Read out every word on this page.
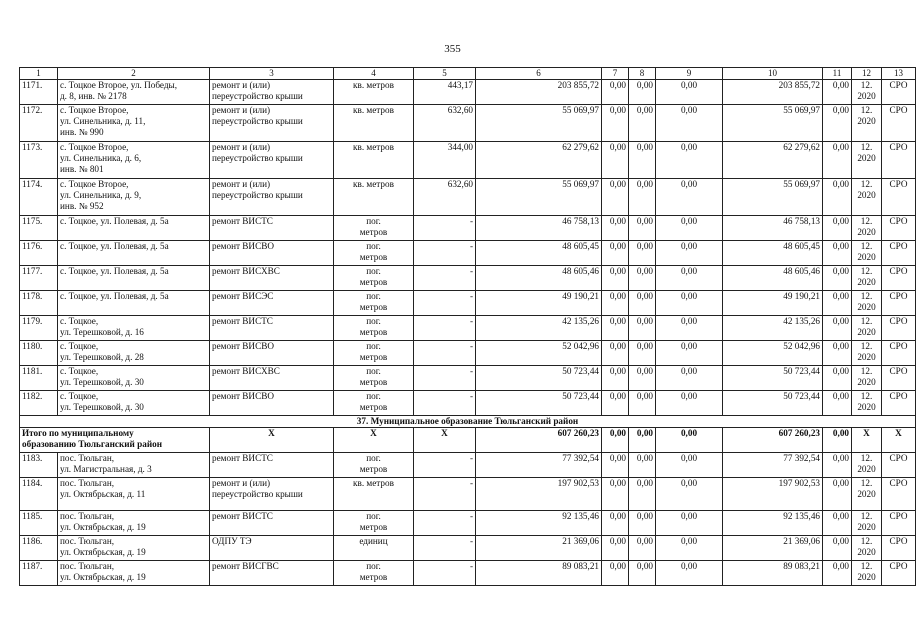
355
1	2	3	4	5	6	7	8	9	10	11	12	13
1171.	с. Тоцкое Второе, ул. Победы,
д. 8, инв. № 2178	ремонт и (или)
переустройство крыши	кв. метров	443,17	203 855,72	0,00	0,00	0,00	203 855,72	0,00	12.
2020	СРО
1172.	с. Тоцкое Второе,
ул. Синельника, д. 11,
инв. № 990	ремонт и (или)
переустройство крыши	кв. метров	632,60	55 069,97	0,00	0,00	0,00	55 069,97	0,00	12.
2020	СРО
1173.	с. Тоцкое Второе,
ул. Синельника, д. 6,
инв. № 801	ремонт и (или)
переустройство крыши	кв. метров	344,00	62 279,62	0,00	0,00	0,00	62 279,62	0,00	12.
2020	СРО
1174.	с. Тоцкое Второе,
ул. Синельника, д. 9,
инв. № 952	ремонт и (или)
переустройство крыши	кв. метров	632,60	55 069,97	0,00	0,00	0,00	55 069,97	0,00	12.
2020	СРО
1175.	с. Тоцкое, ул. Полевая, д. 5а	ремонт ВИСТС	пог.
метров	-	46 758,13	0,00	0,00	0,00	46 758,13	0,00	12.
2020	СРО
1176.	с. Тоцкое, ул. Полевая, д. 5а	ремонт ВИСВО	пог.
метров	-	48 605,45	0,00	0,00	0,00	48 605,45	0,00	12.
2020	СРО
1177.	с. Тоцкое, ул. Полевая, д. 5а	ремонт ВИСХВС	пог.
метров	-	48 605,46	0,00	0,00	0,00	48 605,46	0,00	12.
2020	СРО
1178.	с. Тоцкое, ул. Полевая, д. 5а	ремонт ВИСЭС	пог.
метров	-	49 190,21	0,00	0,00	0,00	49 190,21	0,00	12.
2020	СРО
1179.	с. Тоцкое,
ул. Терешковой, д. 16	ремонт ВИСТС	пог.
метров	-	42 135,26	0,00	0,00	0,00	42 135,26	0,00	12.
2020	СРО
1180.	с. Тоцкое,
ул. Терешковой, д. 28	ремонт ВИСВО	пог.
метров	-	52 042,96	0,00	0,00	0,00	52 042,96	0,00	12.
2020	СРО
1181.	с. Тоцкое,
ул. Терешковой, д. 30	ремонт ВИСХВС	пог.
метров	-	50 723,44	0,00	0,00	0,00	50 723,44	0,00	12.
2020	СРО
1182.	с. Тоцкое,
ул. Терешковой, д. 30	ремонт ВИСВО	пог.
метров	-	50 723,44	0,00	0,00	0,00	50 723,44	0,00	12.
2020	СРО
37. Муниципальное образование Тюльганский район												
Итого по муниципальному
образованию Тюльганский район		X	X	X	607 260,23	0,00	0,00	0,00	607 260,23	0,00	X	X
1183.	пос. Тюльган,
ул. Магистральная, д. 3	ремонт ВИСТС	пог.
метров	-	77 392,54	0,00	0,00	0,00	77 392,54	0,00	12.
2020	СРО
1184.	пос. Тюльган,
ул. Октябрьская, д. 11	ремонт и (или)
переустройство крыши	кв. метров	-	197 902,53	0,00	0,00	0,00	197 902,53	0,00	12.
2020	СРО
1185.	пос. Тюльган,
ул. Октябрьская, д. 19	ремонт ВИСТС	пог.
метров	-	92 135,46	0,00	0,00	0,00	92 135,46	0,00	12.
2020	СРО
1186.	пос. Тюльган,
ул. Октябрьская, д. 19	ОДПУ ТЭ	единиц	-	21 369,06	0,00	0,00	0,00	21 369,06	0,00	12.
2020	СРО
1187.	пос. Тюльган,
ул. Октябрьская, д. 19	ремонт ВИСГВС	пог.
метров	-	89 083,21	0,00	0,00	0,00	89 083,21	0,00	12.
2020	СРО
